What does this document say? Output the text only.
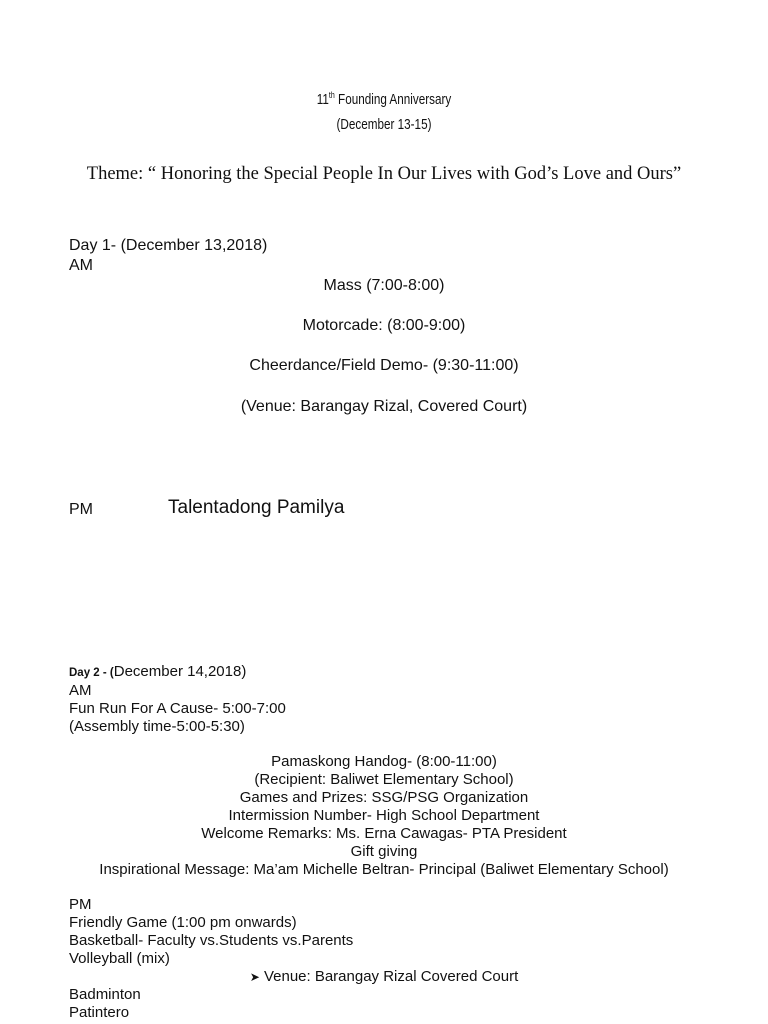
11th Founding Anniversary
(December 13-15)
Theme: “ Honoring the Special People In Our Lives with God’s Love and Ours”
Day 1- (December 13,2018)
AM
Mass (7:00-8:00)
Motorcade: (8:00-9:00)
Cheerdance/Field Demo- (9:30-11:00)
(Venue: Barangay Rizal, Covered Court)
PM	Talentadong Pamilya
Day 2 - (December 14,2018)
AM
Fun Run For A Cause- 5:00-7:00
(Assembly time-5:00-5:30)
Pamaskong Handog- (8:00-11:00)
(Recipient: Baliwet Elementary School)
Games and Prizes: SSG/PSG Organization
Intermission Number- High School Department
Welcome Remarks: Ms. Erna Cawagas- PTA President
Gift giving
Inspirational Message: Ma’am Michelle Beltran- Principal (Baliwet Elementary School)
PM
Friendly Game (1:00 pm onwards)
Basketball- Faculty vs.Students vs.Parents
Volleyball (mix)
➤ Venue: Barangay Rizal Covered Court
Badminton
Patintero
